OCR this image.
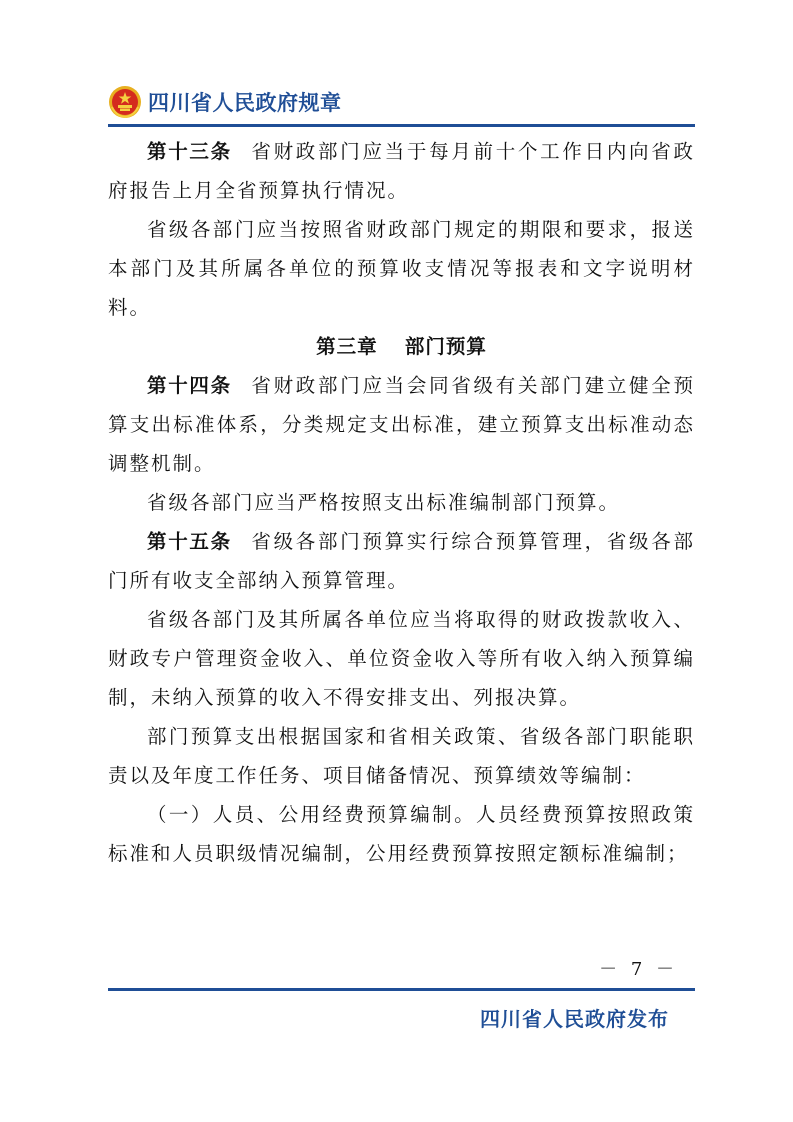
四川省人民政府规章

第十三条 省财政部门应当于每月前十个工作日内向省政府报告上月全省预算执行情况。

省级各部门应当按照省财政部门规定的期限和要求，报送本部门及其所属各单位的预算收支情况等报表和文字说明材料。

第三章 部门预算

第十四条 省财政部门应当会同省级有关部门建立健全预算支出标准体系，分类规定支出标准，建立预算支出标准动态调整机制。

省级各部门应当严格按照支出标准编制部门预算。

第十五条 省级各部门预算实行综合预算管理，省级各部门所有收支全部纳入预算管理。

省级各部门及其所属各单位应当将取得的财政拨款收入、财政专户管理资金收入、单位资金收入等所有收入纳入预算编制，未纳入预算的收入不得安排支出、列报决算。

部门预算支出根据国家和省相关政策、省级各部门职能职责以及年度工作任务、项目储备情况、预算绩效等编制：

（一）人员、公用经费预算编制。人员经费预算按照政策标准和人员职级情况编制，公用经费预算按照定额标准编制；

－ 7 －
四川省人民政府发布
